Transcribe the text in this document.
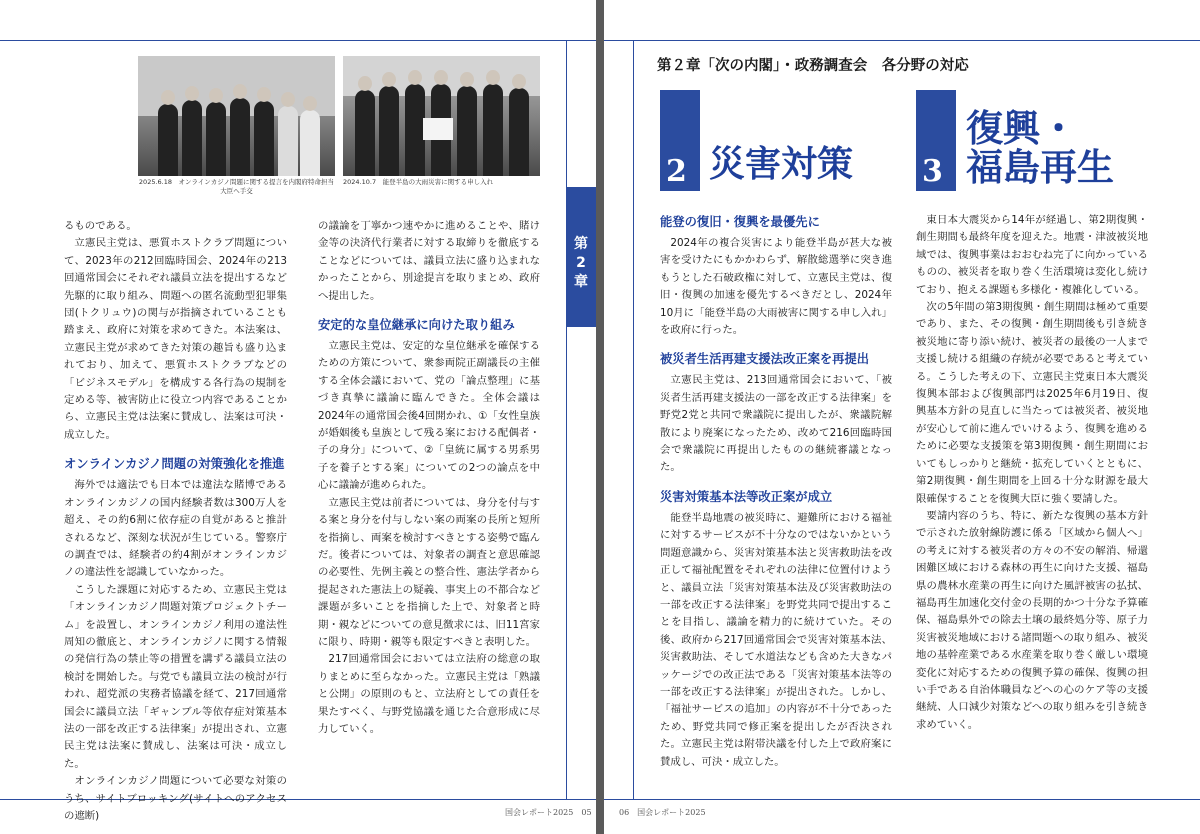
2025.6.18　オンラインカジノ問題に関する提言を内閣府特命担当
大臣へ手交
2024.10.7　能登半島の大雨災害に関する申し入れ

るものである。

立憲民主党は、悪質ホストクラブ問題について、2023年の212回臨時国会、2024年の213回通常国会にそれぞれ議員立法を提出するなど先駆的に取り組み、問題への匿名流動型犯罪集団(トクリュウ)の関与が指摘されていることも踏まえ、政府に対策を求めてきた。本法案は、立憲民主党が求めてきた対策の趣旨も盛り込まれており、加えて、悪質ホストクラブなどの「ビジネスモデル」を構成する各行為の規制を定める等、被害防止に役立つ内容であることから、立憲民主党は法案に賛成し、法案は可決・成立した。

オンラインカジノ問題の対策強化を推進

海外では適法でも日本では違法な賭博であるオンラインカジノの国内経験者数は300万人を超え、その約6割に依存症の自覚があると推計されるなど、深刻な状況が生じている。警察庁の調査では、経験者の約4割がオンラインカジノの違法性を認識していなかった。

こうした課題に対応するため、立憲民主党は「オンラインカジノ問題対策プロジェクトチーム」を設置し、オンラインカジノ利用の違法性周知の徹底と、オンラインカジノに関する情報の発信行為の禁止等の措置を講ずる議員立法の検討を開始した。与党でも議員立法の検討が行われ、超党派の実務者協議を経て、217回通常国会に議員立法「ギャンブル等依存症対策基本法の一部を改正する法律案」が提出され、立憲民主党は法案に賛成し、法案は可決・成立した。

オンラインカジノ問題について必要な対策のうち、サイトブロッキング(サイトへのアクセスの遮断)

の議論を丁寧かつ速やかに進めることや、賭け金等の決済代行業者に対する取締りを徹底することなどについては、議員立法に盛り込まれなかったことから、別途提言を取りまとめ、政府へ提出した。

安定的な皇位継承に向けた取り組み

立憲民主党は、安定的な皇位継承を確保するための方策について、衆参両院正副議長の主催する全体会議において、党の「論点整理」に基づき真摯に議論に臨んできた。全体会議は2024年の通常国会後4回開かれ、①「女性皇族が婚姻後も皇族として残る案における配偶者・子の身分」について、②「皇統に属する男系男子を養子とする案」についての2つの論点を中心に議論が進められた。

立憲民主党は前者については、身分を付与する案と身分を付与しない案の両案の長所と短所を指摘し、両案を検討すべきとする姿勢で臨んだ。後者については、対象者の調査と意思確認の必要性、先例主義との整合性、憲法学者から提起された憲法上の疑義、事実上の不都合など課題が多いことを指摘した上で、対象者と時期・親などについての意見徴求には、旧11宮家に限り、時期・親等も限定すべきと表明した。

217回通常国会においては立法府の総意の取りまとめに至らなかった。立憲民主党は「熟議と公開」の原則のもと、立法府としての責任を果たすべく、与野党協議を通じた合意形成に尽力していく。

第
2
章
国会レポート2025　05
第２章「次の内閣」・政務調査会　各分野の対応
2 災害対策 3
復興・
福島再生
能登の復旧・復興を最優先に

2024年の複合災害により能登半島が甚大な被害を受けたにもかかわらず、解散総選挙に突き進もうとした石破政権に対して、立憲民主党は、復旧・復興の加速を優先するべきだとし、2024年10月に「能登半島の大雨被害に関する申し入れ」を政府に行った。

被災者生活再建支援法改正案を再提出

立憲民主党は、213回通常国会において、「被災者生活再建支援法の一部を改正する法律案」を野党2党と共同で衆議院に提出したが、衆議院解散により廃案になったため、改めて216回臨時国会で衆議院に再提出したものの継続審議となった。

災害対策基本法等改正案が成立

能登半島地震の被災時に、避難所における福祉に対するサービスが不十分なのではないかという問題意識から、災害対策基本法と災害救助法を改正して福祉配置をそれぞれの法律に位置付けようと、議員立法「災害対策基本法及び災害救助法の一部を改正する法律案」を野党共同で提出することを目指し、議論を精力的に続けていた。その後、政府から217回通常国会で災害対策基本法、災害救助法、そして水道法なども含めた大きなパッケージでの改正法である「災害対策基本法等の一部を改正する法律案」が提出された。しかし、「福祉サービスの追加」の内容が不十分であったため、野党共同で修正案を提出したが否決された。立憲民主党は附帯決議を付した上で政府案に賛成し、可決・成立した。

東日本大震災から14年が経過し、第2期復興・創生期間も最終年度を迎えた。地震・津波被災地域では、復興事業はおおむね完了に向かっているものの、被災者を取り巻く生活環境は変化し続けており、抱える課題も多様化・複雑化している。

次の5年間の第3期復興・創生期間は極めて重要であり、また、その復興・創生期間後も引き続き被災地に寄り添い続け、被災者の最後の一人まで支援し続ける組織の存続が必要であると考えている。こうした考えの下、立憲民主党東日本大震災復興本部および復興部門は2025年6月19日、復興基本方針の見直しに当たっては被災者、被災地が安心して前に進んでいけるよう、復興を進めるために必要な支援策を第3期復興・創生期間においてもしっかりと継続・拡充していくとともに、第2期復興・創生期間を上回る十分な財源を最大限確保することを復興大臣に強く要請した。

要請内容のうち、特に、新たな復興の基本方針で示された放射線防護に係る「区域から個人へ」の考えに対する被災者の方々の不安の解消、帰還困難区域における森林の再生に向けた支援、福島県の農林水産業の再生に向けた風評被害の払拭、福島再生加速化交付金の長期的かつ十分な予算確保、福島県外での除去土壌の最終処分等、原子力災害被災地域における諸問題への取り組み、被災地の基幹産業である水産業を取り巻く厳しい環境変化に対応するための復興予算の確保、復興の担い手である自治体職員などへの心のケア等の支援継続、人口減少対策などへの取り組みを引き続き求めていく。

06　国会レポート2025
